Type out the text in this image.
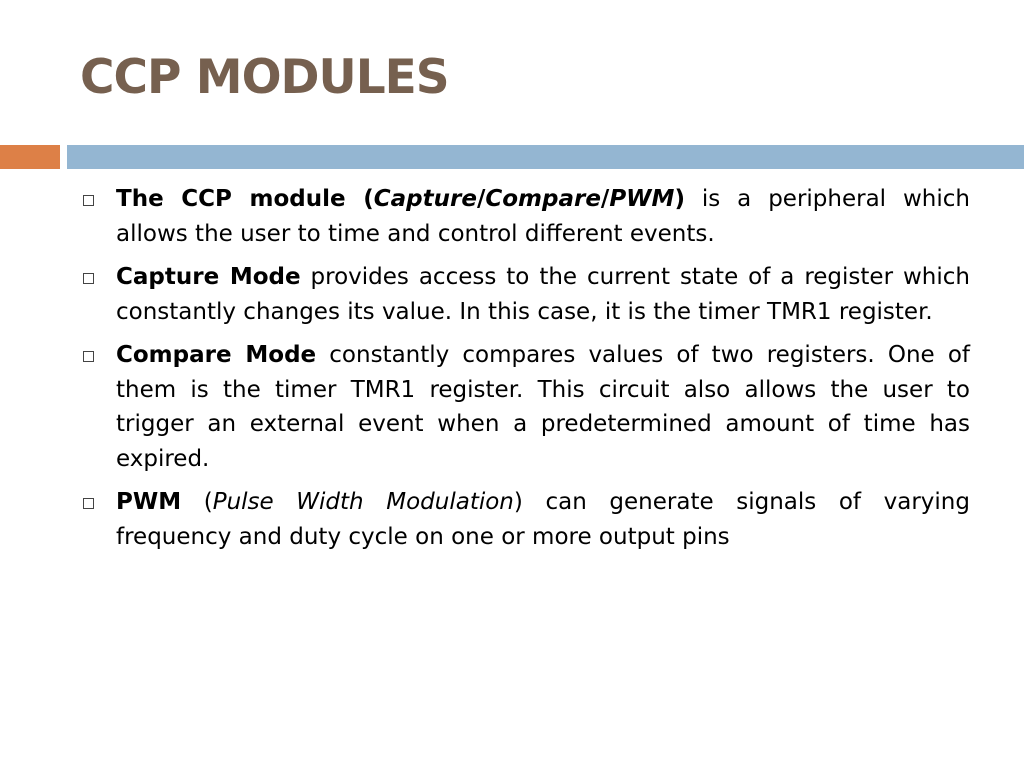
CCP MODULES
The CCP module (Capture/Compare/PWM) is a peripheral which allows the user to time and control different events.
Capture Mode provides access to the current state of a register which constantly changes its value. In this case, it is the timer TMR1 register.
Compare Mode constantly compares values of two registers. One of them is the timer TMR1 register. This circuit also allows the user to trigger an external event when a predetermined amount of time has expired.
PWM (Pulse Width Modulation) can generate signals of varying frequency and duty cycle on one or more output pins
